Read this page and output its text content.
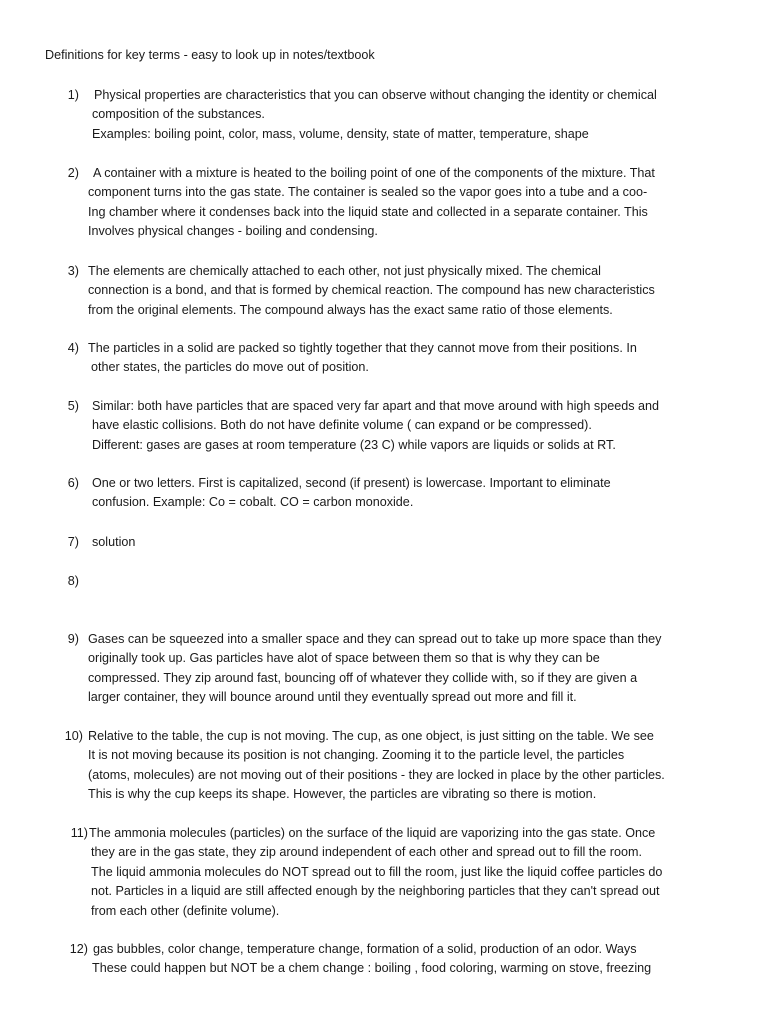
Definitions for key terms - easy to look up in notes/textbook
1) Physical properties are characteristics that you can observe without changing the identity or chemical
composition of the substances.
Examples: boiling point, color, mass, volume, density, state of matter, temperature, shape
2) A container with a mixture is heated to the boiling point of one of the components of the mixture. That
component turns into the gas state. The container is sealed so the vapor goes into a tube and a coo-
Ing chamber where it condenses back into the liquid state and collected in a separate container. This
Involves physical changes - boiling and condensing.
3) The elements are chemically attached to each other, not just physically mixed. The chemical
connection is a bond, and that is formed by chemical reaction. The compound has new characteristics
from the original elements. The compound always has the exact same ratio of those elements.
4) The particles in a solid are packed so tightly together that they cannot move from their positions. In
other states, the particles do move out of position.
5) Similar: both have particles that are spaced very far apart and that move around with high speeds and
have elastic collisions. Both do not have definite volume ( can expand or be compressed).
Different: gases are gases at room temperature (23 C) while vapors are liquids or solids at RT.
6) One or two letters. First is capitalized, second (if present) is lowercase. Important to eliminate
confusion. Example: Co = cobalt. CO = carbon monoxide.
7) solution
8)
9) Gases can be squeezed into a smaller space and they can spread out to take up more space than they
originally took up. Gas particles have alot of space between them so that is why they can be
compressed. They zip around fast, bouncing off of whatever they collide with, so if they are given a
larger container, they will bounce around until they eventually spread out more and fill it.
10) Relative to the table, the cup is not moving. The cup, as one object, is just sitting on the table. We see
It is not moving because its position is not changing. Zooming it to the particle level, the particles
(atoms, molecules) are not moving out of their positions - they are locked in place by the other particles.
This is why the cup keeps its shape. However, the particles are vibrating so there is motion.
11) The ammonia molecules (particles) on the surface of the liquid are vaporizing into the gas state. Once
they are in the gas state, they zip around independent of each other and spread out to fill the room.
The liquid ammonia molecules do NOT spread out to fill the room, just like the liquid coffee particles do
not. Particles in a liquid are still affected enough by the neighboring particles that they can't spread out
from each other (definite volume).
12) gas bubbles, color change, temperature change, formation of a solid, production of an odor. Ways
These could happen but NOT be a chem change : boiling , food coloring, warming on stove, freezing
